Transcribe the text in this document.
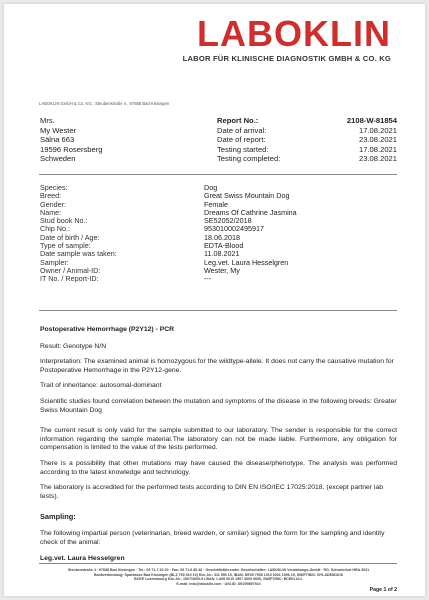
LABOKLIN
LABOR FÜR KLINISCHE DIAGNOSTIK GMBH & CO. KG
LABOKLIN GmbH & Co. KG., Steubenstraße 4 , 97688 Bad Kissingen
Mrs.
My Wester
Sälna 663
19596 Rosersberg
Schweden
Report No.:	2108-W-81854
Date of arrival:	17.08.2021
Date of report:	23.08.2021
Testing started:	17.08.2021
Testing completed:	23.08.2021
Species:	Dog
Breed:	Great Swiss Mountain Dog
Gender:	Female
Name:	Dreams Of Cathrine Jasmina
Stud book No.:	SE52052/2018
Chip No.:	953010002495917
Date of birth / Age:	18.06.2018
Type of sample:	EDTA-Blood
Date sample was taken:	11.08.2021
Sampler:	Leg.vet. Laura Hesselgren
Owner / Animal-ID:	Wester, My
IT No. / Report-ID:	---

Postoperative Hemorrhage (P2Y12) - PCR

Result: Genotype N/N

Interpretation: The examined animal is homozygous for the wildtype-allele. It does not carry the causative mutation for Postoperative Hemorrhage in the P2Y12-gene.

Trait of inheritance: autosomal-dominant

Scientific studies found correlation between the mutation and symptoms of the disease in the following breeds: Greater Swiss Mountain Dog

The current result is only valid for the sample submitted to our laboratory. The sender is responsible for the correct information regarding the sample material.The laboratory can not be made liable. Furthermore, any obligation for compensation is limited to the value of the tests performed.

There is a possibility that other mutations may have caused the disease/phenotype. The analysis was performed according to the latest knowledge and technology.

The laboratory is accredited for the performed tests according to DIN EN ISO/IEC 17025:2018. (except partner lab tests).

Sampling:

The following impartial person (veterinarian, breed warden, or similar) signed the form for the sampling and identity check of the animal:

Leg.vet. Laura Hesselgren
Steubenstraße 4 · 97688 Bad Kissingen · Tel.: 09 71-7 20 20 · Fax: 09 71-6 85 46 · Geschäftsführender Gesellschafter: LABOKLIN Verwaltungs-GmbH · RG. Schweinfurt HRA 3631
Bankverbindung: Sparkasse Bad Kissingen (BLZ 793 510 10) Kto.-Nr.: 311 596 19, IBAN: DE09 7935 1010 0031 1596 19, SWIFT/BIC: BYLADEM1KIS
BCEE Luxembourg Kto.-Nr.: 1507/3600-5 LBAN: LU95 0019 1507 3600 5000, SWIFT/BIC: BCEELULL
E-mail: info@laboklin.com · USt.ID: DE209897924
Page 1 of 2
